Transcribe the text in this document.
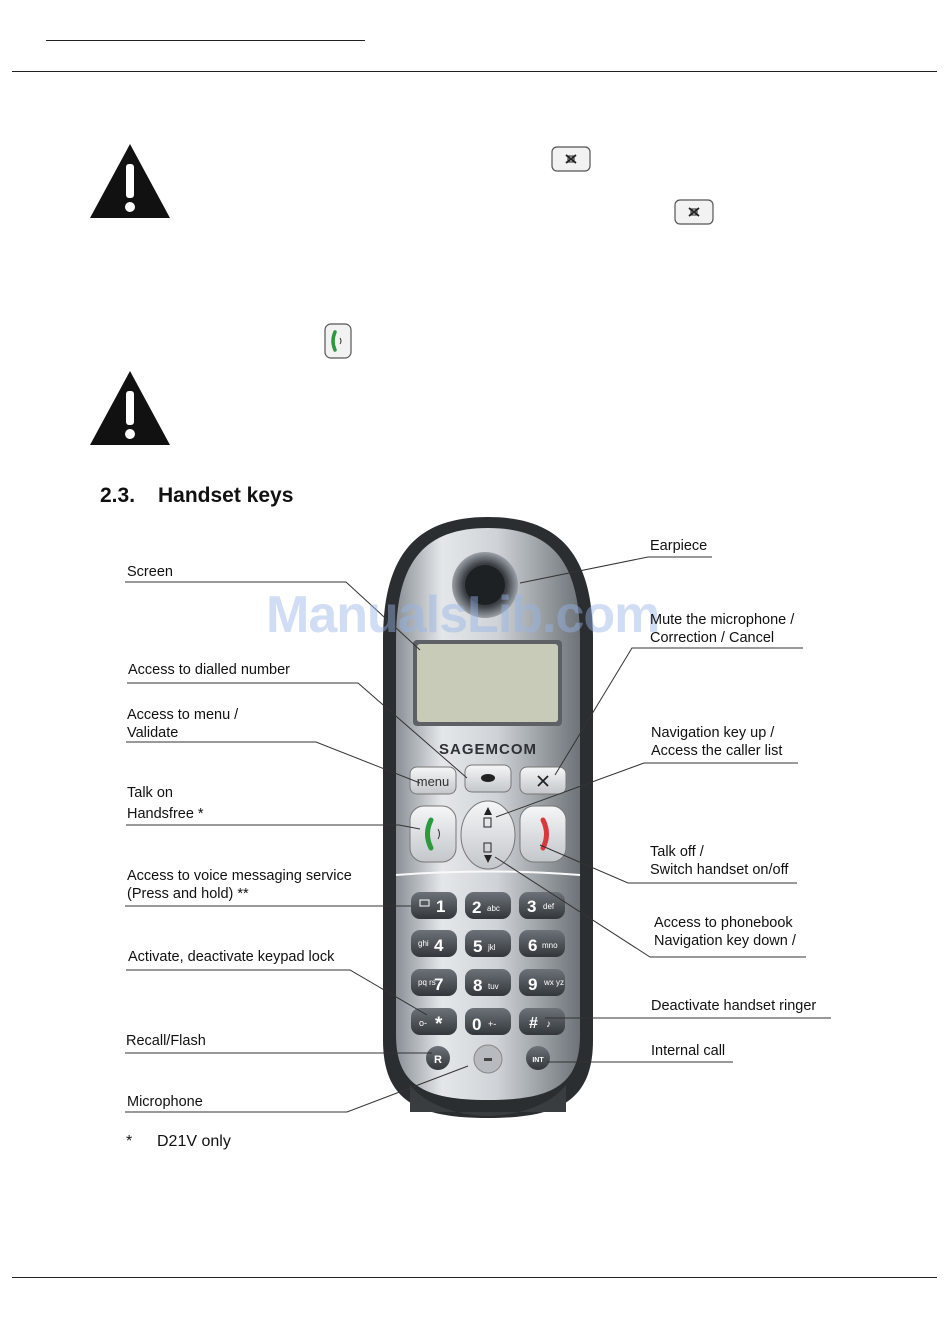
2.3. Handset keys
SAGEMCOM
menu
1 2 abc 3 def
ghi 4 5 jkl 6 mno
pq rs
7 8 tuv 9 wx yz
o- * 0 +- # ♪
R	INT
ManualsLib.com
Screen
Access to dialled number
Access to menu /
Validate
Talk on
Handsfree *
Access to voice messaging service
(Press and hold) **
Activate, deactivate keypad lock
Recall/Flash
Microphone
Earpiece
Mute the microphone /
Correction / Cancel
Navigation key up /
Access the caller list
Talk off /
Switch handset on/off
Access to phonebook
Navigation key down /
Deactivate handset ringer
Internal call
* D21V only
